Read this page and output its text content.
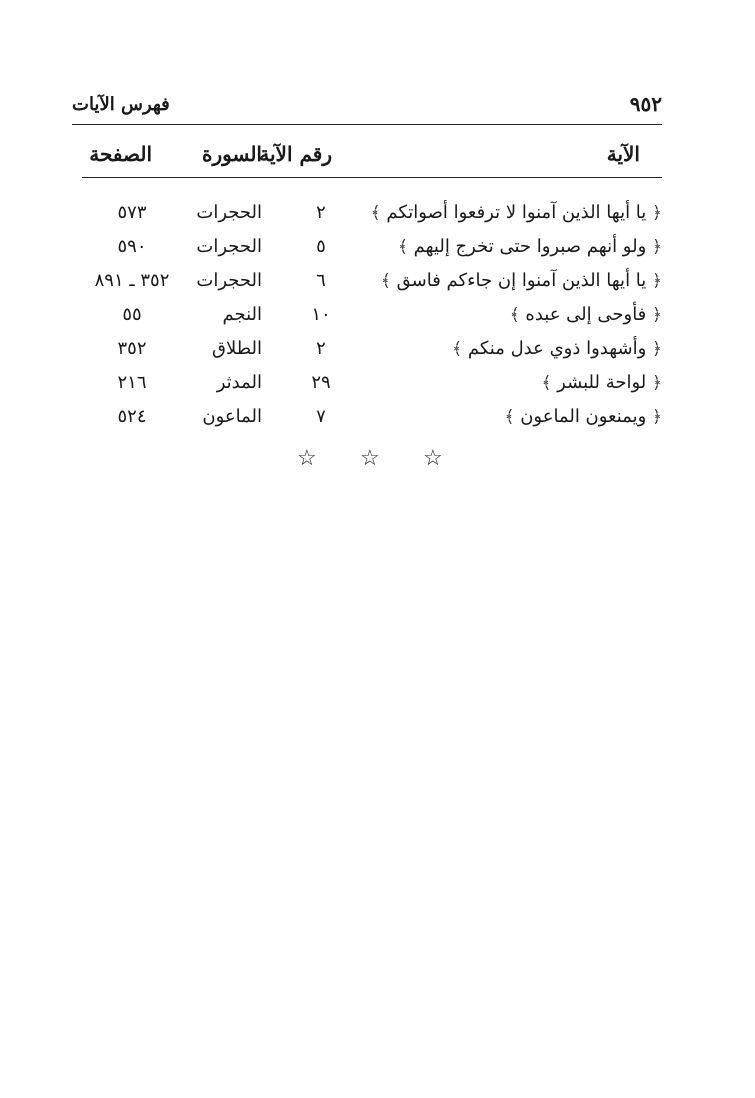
٩٥٢
فهرس الآيات
الآية
رقم الآية
السورة
الصفحة
﴿ يا أيها الذين آمنوا لا ترفعوا أصواتكم ﴾
٢
الحجرات
٥٧٣
﴿ ولو أنهم صبروا حتى تخرج إليهم ﴾
٥
الحجرات
٥٩٠
﴿ يا أيها الذين آمنوا إن جاءكم فاسق ﴾
٦
الحجرات
٣٥٢ ـ ٨٩١
﴿ فأوحى إلى عبده ﴾
١٠
النجم
٥٥
﴿ وأشهدوا ذوي عدل منكم ﴾
٢
الطلاق
٣٥٢
﴿ لواحة للبشر ﴾
٢٩
المدثر
٢١٦
﴿ ويمنعون الماعون ﴾
٧
الماعون
٥٢٤
☆ ☆ ☆
